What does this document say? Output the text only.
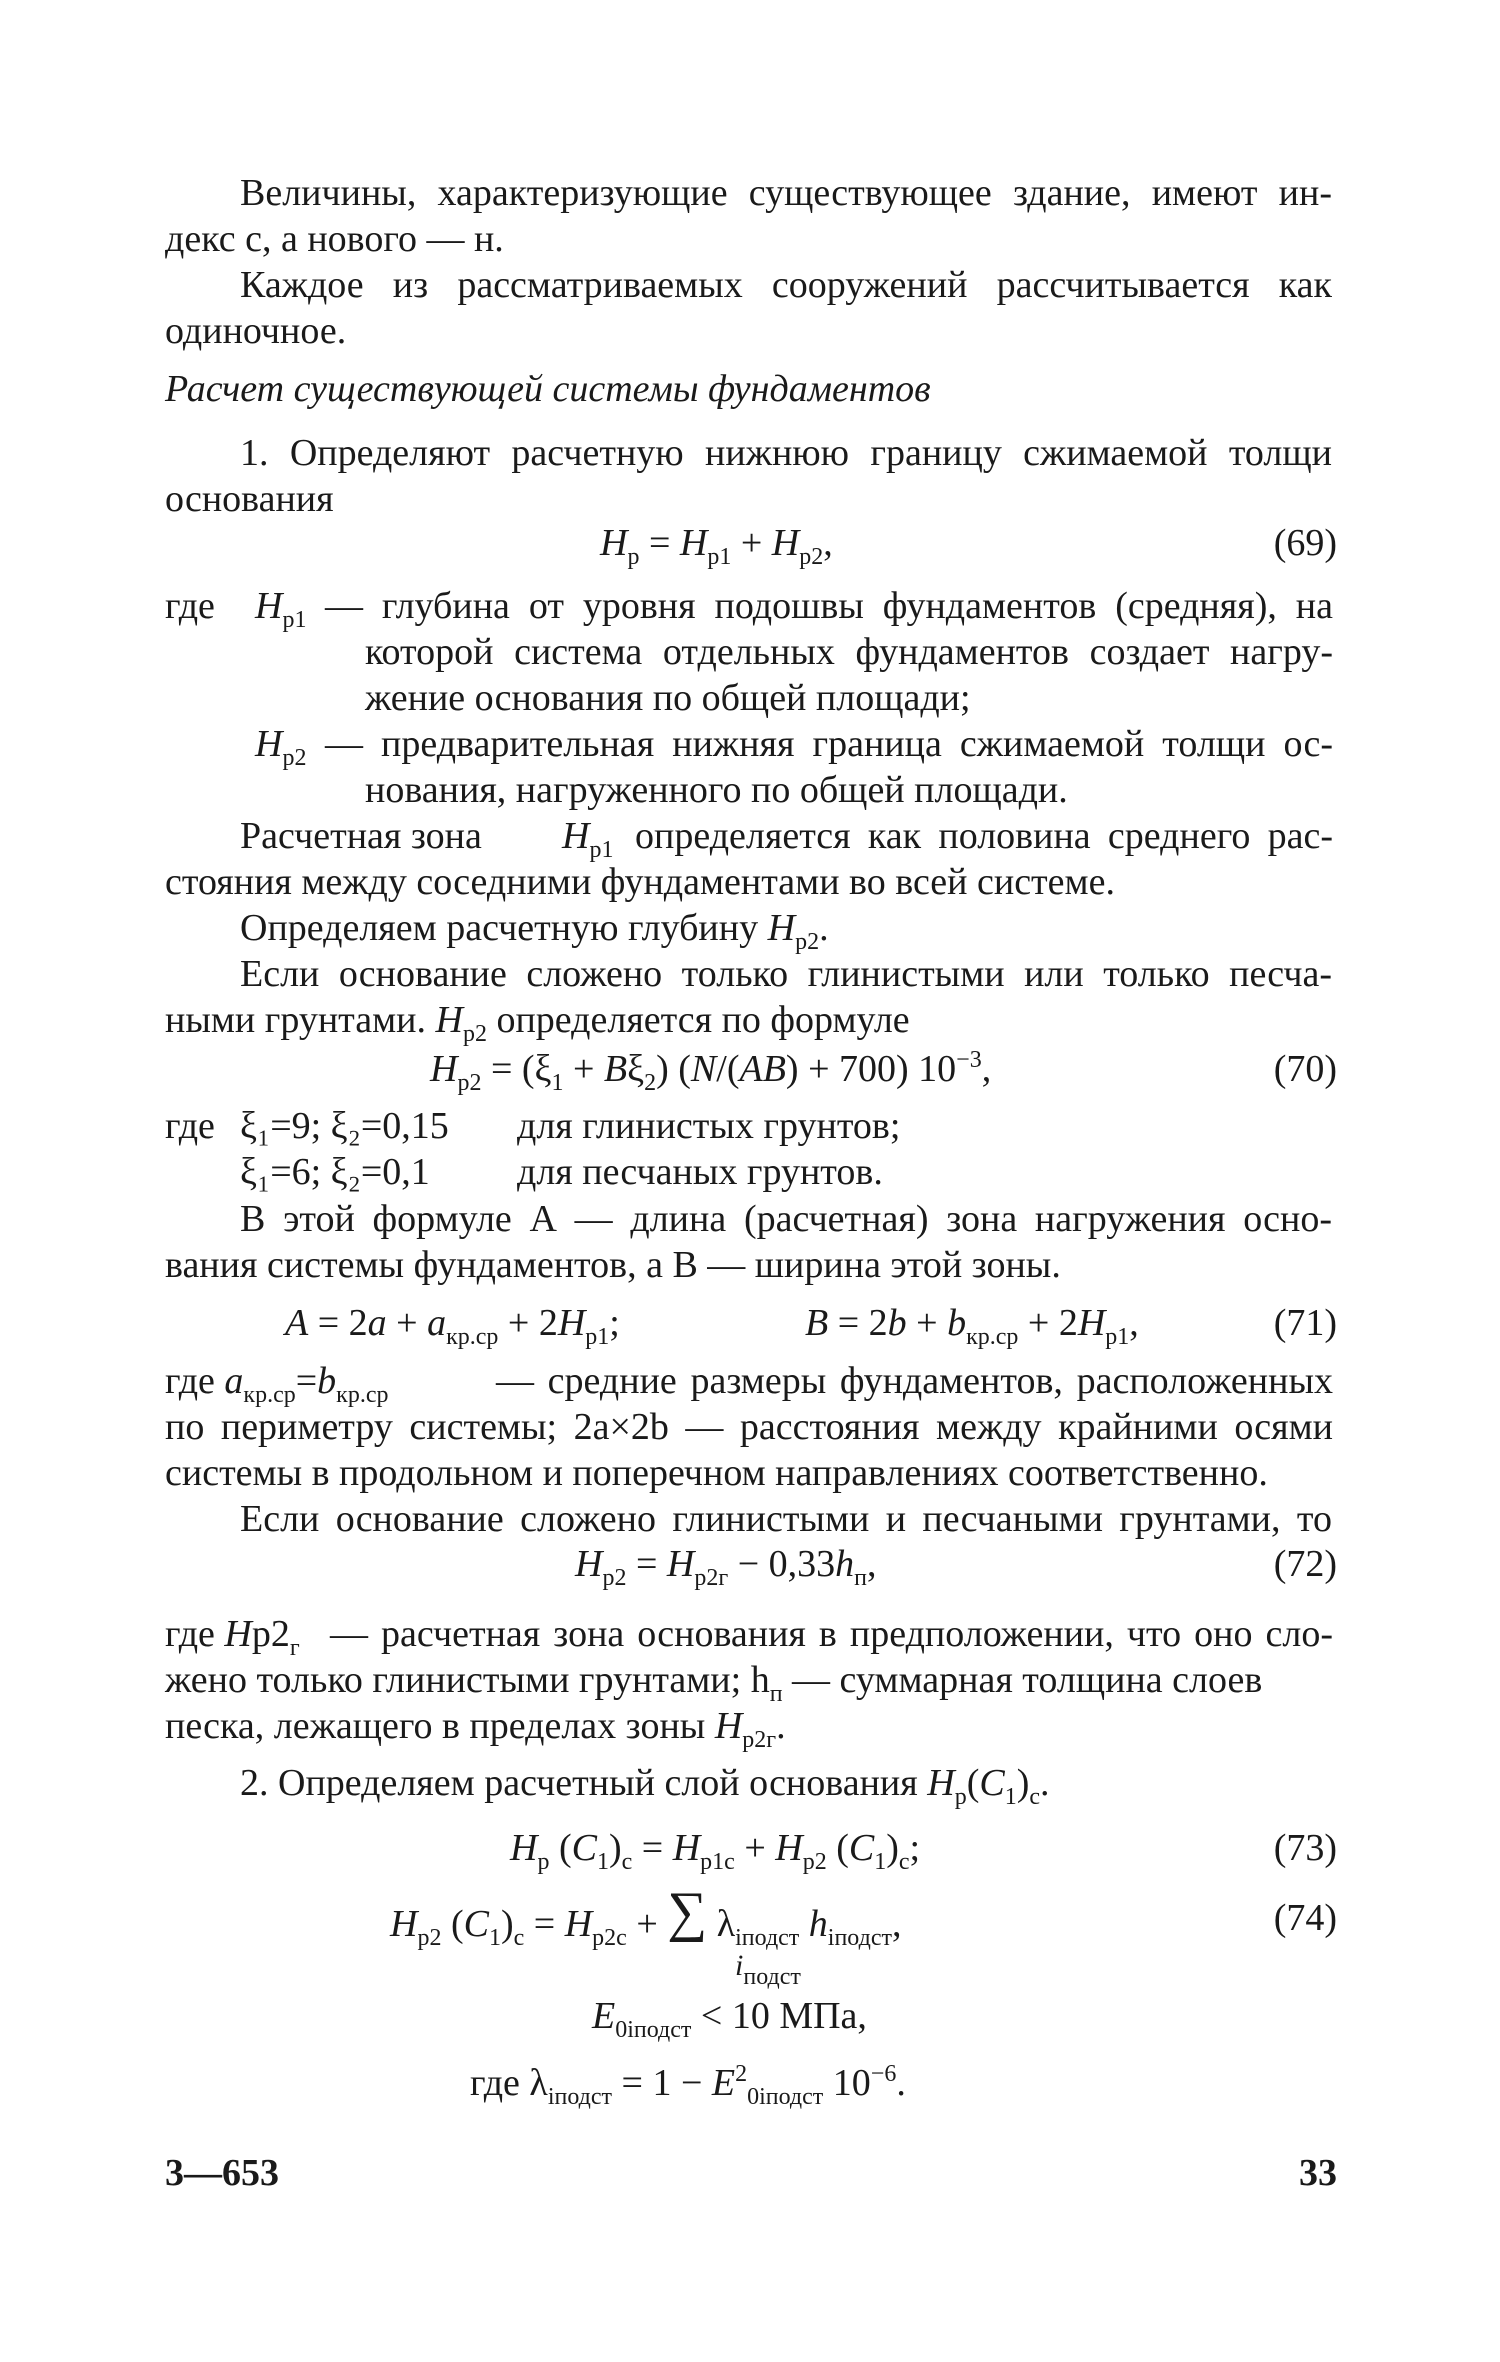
Величины, характеризующие существующее здание, имеют ин-

декс с, а нового — н.

Каждое из рассматриваемых сооружений рассчитывается как

одиночное.

Расчет существующей системы фундаментов

1. Определяют расчетную нижнюю границу сжимаемой толщи

основания

$H_p = H_{p1} + H_{p2}$,	(69)

где $H_{p1}$ — глубина от уровня подошвы фундаментов (средняя), на

которой система отдельных фундаментов создает нагру-

жение основания по общей площади;

$H_{p2}$ — предварительная нижняя граница сжимаемой толщи ос-

нования, нагруженного по общей площади.

Расчетная зона $H_{p1}$ определяется как половина среднего рас-

стояния между соседними фундаментами во всей системе.

Определяем расчетную глубину $H_{p2}$.

Если основание сложено только глинистыми или только песча-

ными грунтами. $H_{p2}$ определяется по формуле

$H_{p2} = (\xi_1 + B\xi_2) (N/(AB) + 700)$ $10^{-3}$,	(70)

где ξ₁=9; ξ₂=0,15 для глинистых грунтов;

ξ₁=6; ξ₂=0,1 для песчаных грунтов.

В этой формуле А — длина (расчетная) зона нагружения осно-

вания системы фундаментов, а В — ширина этой зоны.

$A = 2a + a_{кр.ср} + 2H_{p1}$;	$B = 2b + b_{кр.ср} + 2H_{p1}$,	(71)

где $a_{кр.ср}=b_{кр.ср}$	— средние размеры фундаментов, расположенных

по периметру системы; 2a×2b — расстояния между крайними осями

системы в продольном и поперечном направлениях соответственно.

Если основание сложено глинистыми и песчаными грунтами, то

$H_{p2} = H_{p2г} - 0,33h_п$,	(72)

где $Hp2_г$ — расчетная зона основания в предположении, что оно сло-

жено только глинистыми грунтами; $h_п$ — суммарная толщина слоев

песка, лежащего в пределах зоны $H_{p2г}$.

2. Определяем расчетный слой основания $H_p(C_1)_c$.

$H_p$ $(C_1)_c = H_{p1c} + H_{p2}$ $(C_1)_c$;	(73)

$H_{p2}$ $(C_1)_c = H_{p2c}$ + ∑ $\lambda_{iподст}$ $h_{iподст}$,

$i_{подст}$

(74)

$E_{0iподст} < 10$ МПа,

где $\lambda_{iподст} = 1 - E^2_{0iподст}$ $10^{-6}$.

3—653	33
